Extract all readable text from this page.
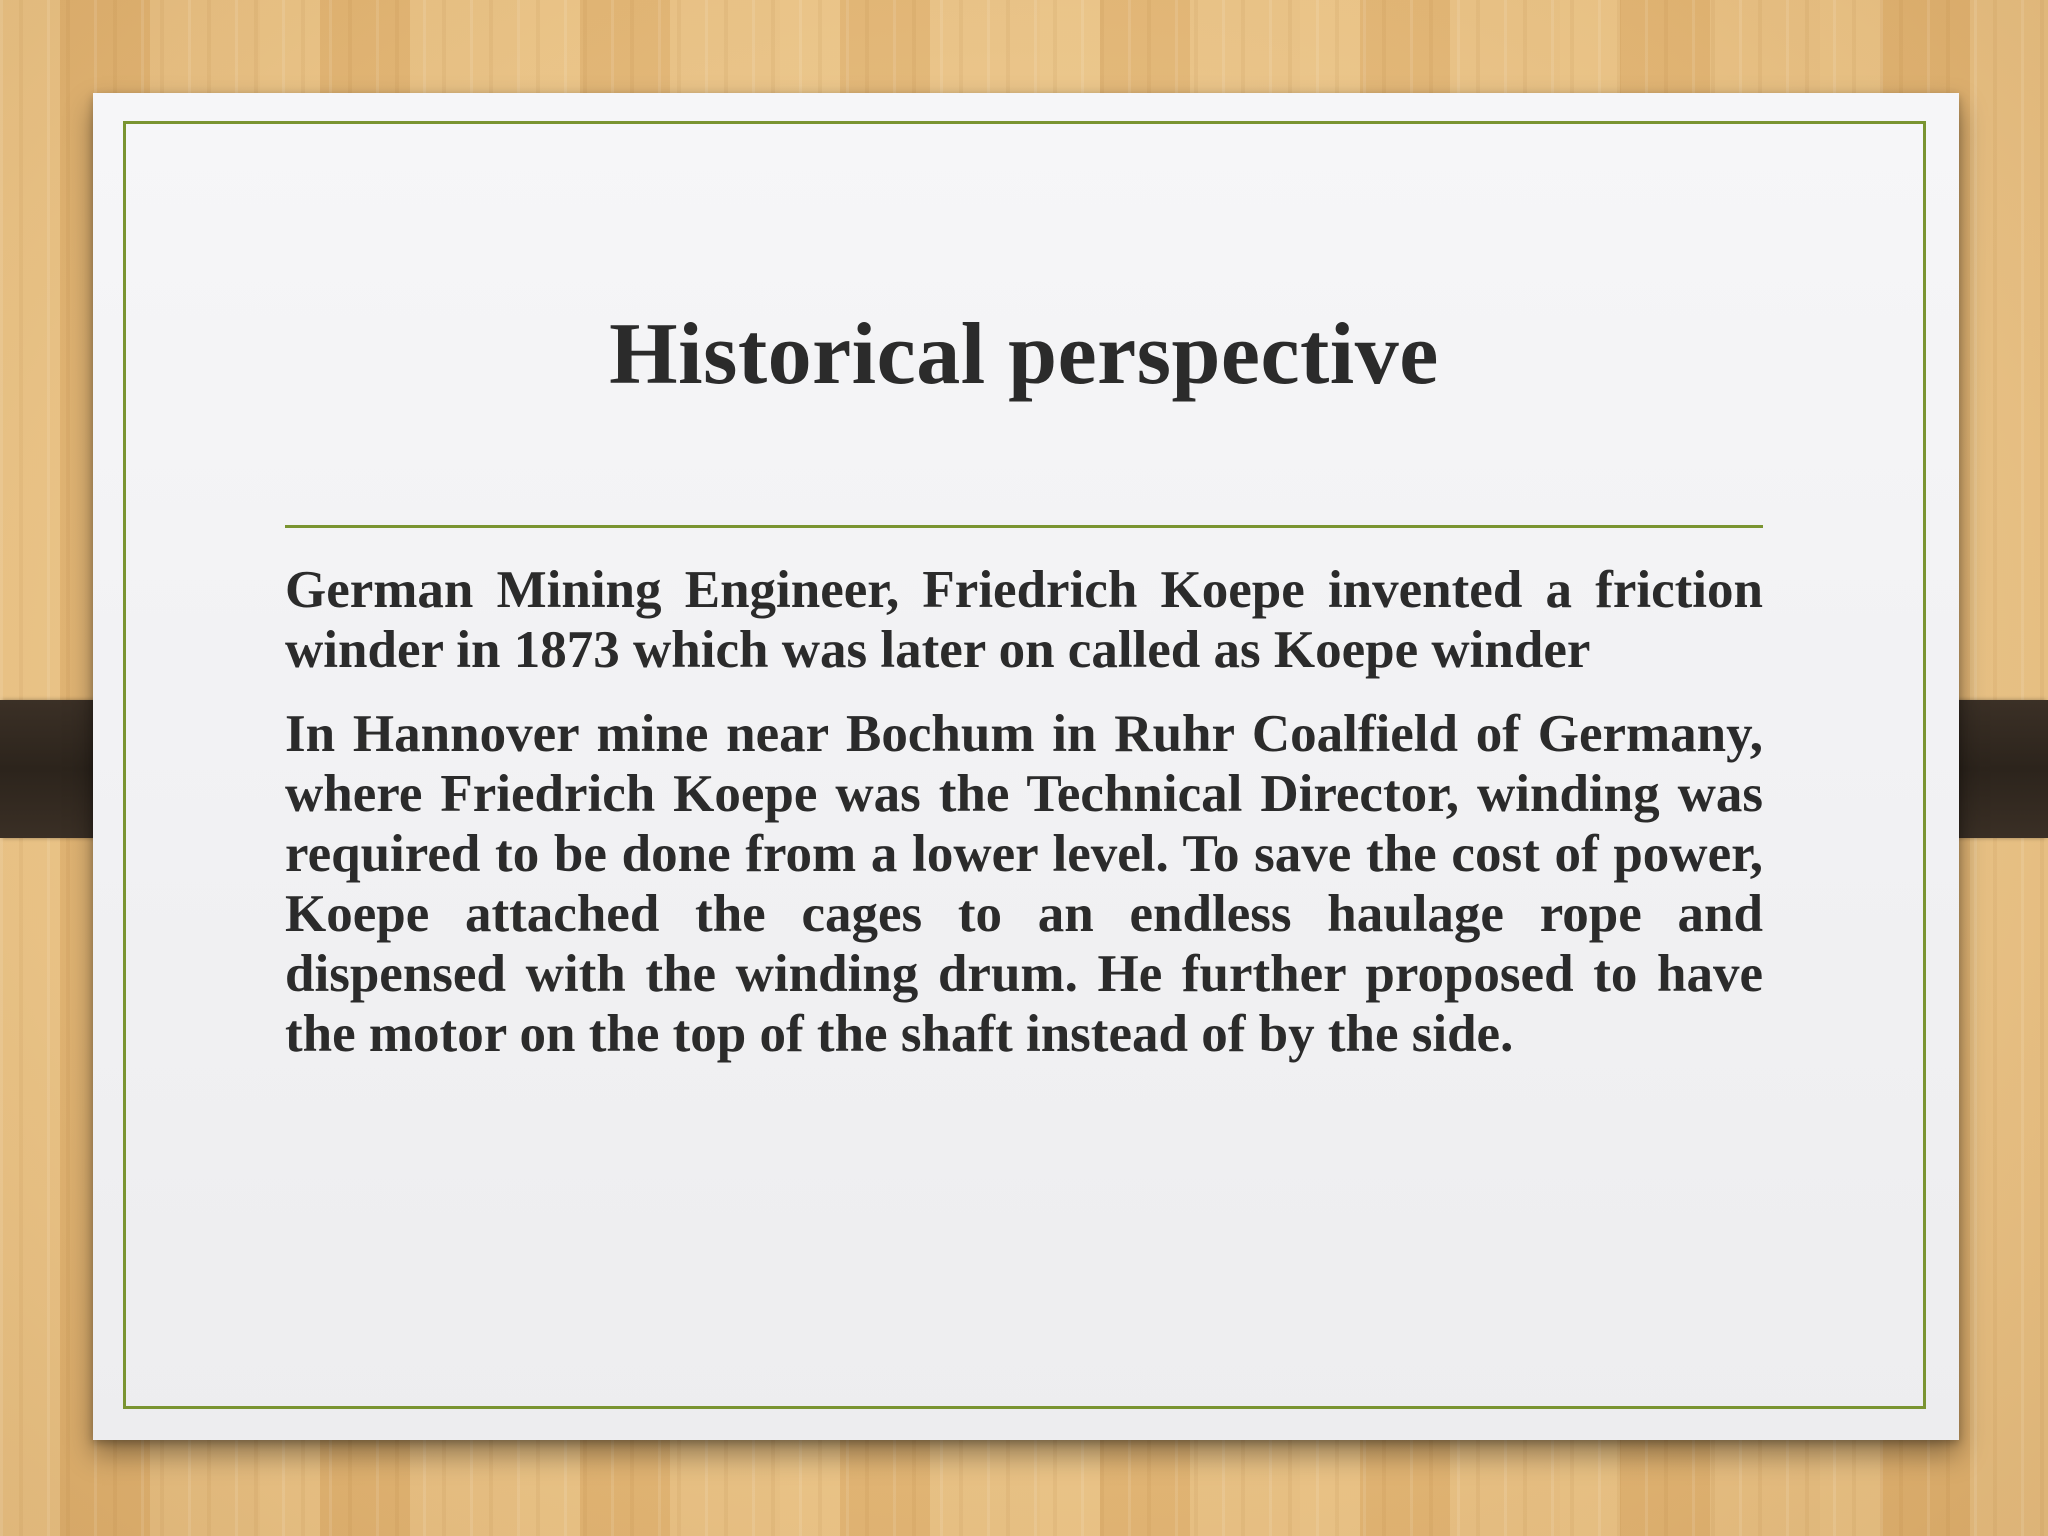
Historical perspective

German Mining Engineer, Friedrich Koepe invented a friction winder in 1873 which was later on called as Koepe winder

In Hannover mine near Bochum in Ruhr Coalfield of Germany, where Friedrich Koepe was the Technical Director, winding was required to be done from a lower level. To save the cost of power, Koepe attached the cages to an endless haulage rope and dispensed with the winding drum. He further proposed to have the motor on the top of the shaft instead of by the side.
